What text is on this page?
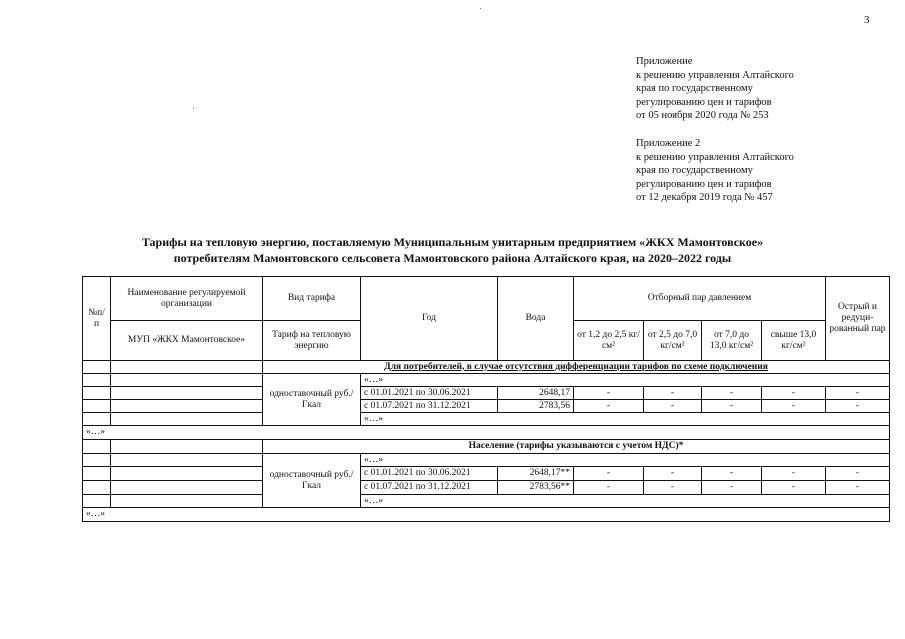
3
Приложение
к решению управления Алтайского
края по государственному
регулированию цен и тарифов
от 05 ноября 2020 года № 253
Приложение 2
к решению управления Алтайского
края по государственному
регулированию цен и тарифов
от 12 декабря 2019 года № 457
Тарифы на тепловую энергию, поставляемую Муниципальным унитарным предприятием «ЖКХ Мамонтовское»
потребителям Мамонтовского сельсовета Мамонтовского района Алтайского края, на 2020–2022 годы
№п/п	Наименование регулируемой организации	Вид тарифа	Год	Вода	Отборный пар давлением				Острый и редуци-рованный пар
	МУП «ЖКХ Мамонтовское»	Тариф на тепловую энергию			от 1,2 до 2,5 кг/см²	от 2,5 до 7,0 кг/см²	от 7,0 до 13,0 кг/см²	свыше 13,0 кг/см²	
		Для потребителей, в случае отсутствия дифференциации тарифов по схеме подключения							
		одноставочный руб./Гкал	«…»						
			с 01.01.2021 по 30.06.2021	2648,17	-	-	-	-	-
			с 01.07.2021 по 31.12.2021	2783,56	-	-	-	-	-
			«…»						
«…»									
		Население (тарифы указываются с учетом НДС)*							
		одноставочный руб./Гкал	«…»						
			с 01.01.2021 по 30.06.2021	2648,17**	-	-	-	-	-
			с 01.07.2021 по 31.12.2021	2783,56**	-	-	-	-	-
			«…»						
«…»									
